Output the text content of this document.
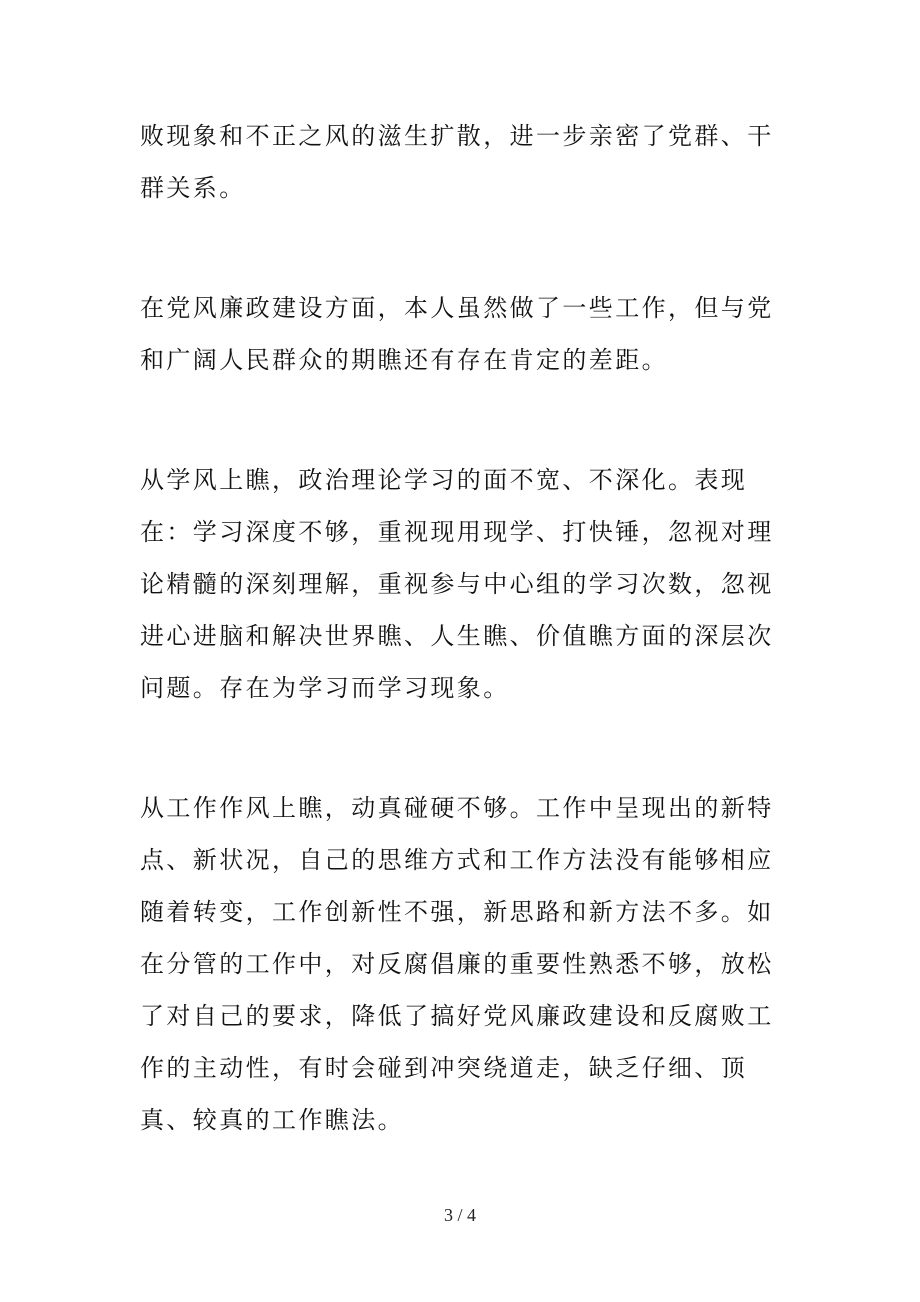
败现象和不正之风的滋生扩散，进一步亲密了党群、干群关系。

在党风廉政建设方面，本人虽然做了一些工作，但与党和广阔人民群众的期瞧还有存在肯定的差距。

从学风上瞧，政治理论学习的面不宽、不深化。表现在：学习深度不够，重视现用现学、打快锤，忽视对理论精髓的深刻理解，重视参与中心组的学习次数，忽视进心进脑和解决世界瞧、人生瞧、价值瞧方面的深层次问题。存在为学习而学习现象。

从工作作风上瞧，动真碰硬不够。工作中呈现出的新特点、新状况，自己的思维方式和工作方法没有能够相应随着转变，工作创新性不强，新思路和新方法不多。如在分管的工作中，对反腐倡廉的重要性熟悉不够，放松了对自己的要求，降低了搞好党风廉政建设和反腐败工作的主动性，有时会碰到冲突绕道走，缺乏仔细、顶真、较真的工作瞧法。

3 / 4
